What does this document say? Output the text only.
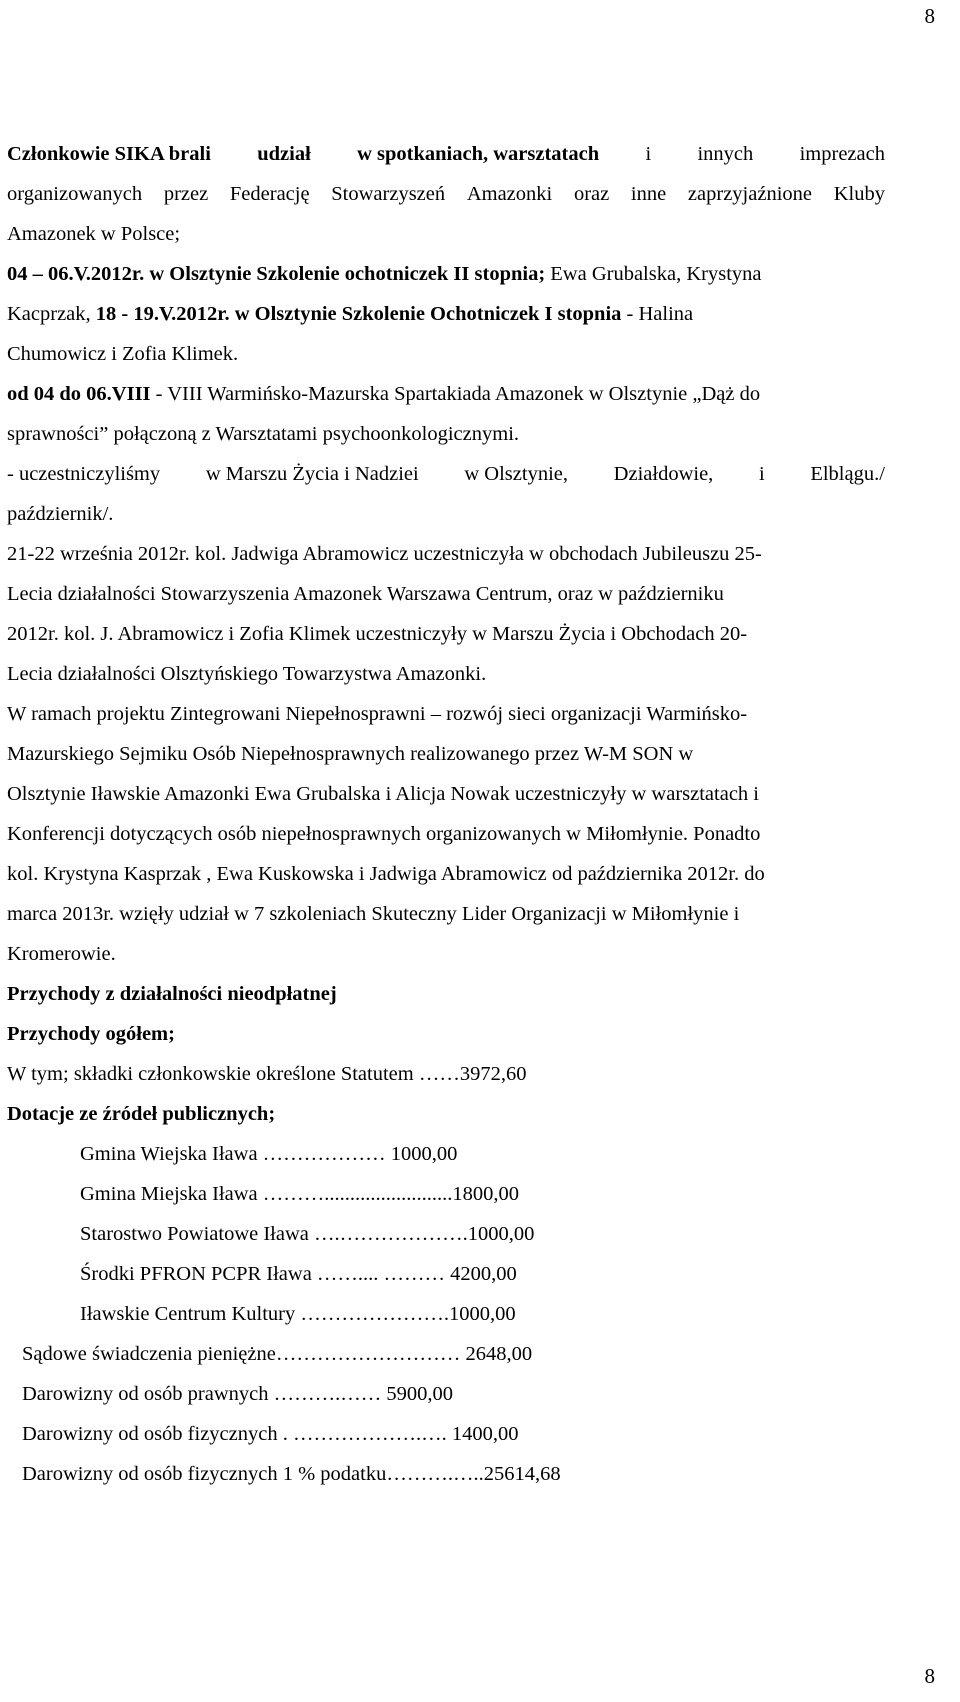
8
Członkowie SIKA brali udział w spotkaniach, warsztatach i innych imprezach
organizowanych przez Federację Stowarzyszeń Amazonki oraz inne zaprzyjaźnione Kluby
Amazonek w Polsce;
04 – 06.V.2012r. w Olsztynie Szkolenie ochotniczek II stopnia; Ewa Grubalska, Krystyna
Kacprzak, 18 - 19.V.2012r. w Olsztynie Szkolenie Ochotniczek I stopnia - Halina
Chumowicz i Zofia Klimek.
od 04 do 06.VIII - VIII Warmińsko-Mazurska Spartakiada Amazonek w Olsztynie „Dąż do
sprawności” połączoną z Warsztatami psychoonkologicznymi.
- uczestniczyliśmy w Marszu Życia i Nadziei w Olsztynie, Działdowie, i Elblągu./
październik/.
21-22 września 2012r. kol. Jadwiga Abramowicz uczestniczyła w obchodach Jubileuszu 25-
Lecia działalności Stowarzyszenia Amazonek Warszawa Centrum, oraz w październiku
2012r. kol. J. Abramowicz i Zofia Klimek uczestniczyły w Marszu Życia i Obchodach 20-
Lecia działalności Olsztyńskiego Towarzystwa Amazonki.
W ramach projektu Zintegrowani Niepełnosprawni – rozwój sieci organizacji Warmińsko-
Mazurskiego Sejmiku Osób Niepełnosprawnych realizowanego przez W-M SON w
Olsztynie Iławskie Amazonki Ewa Grubalska i Alicja Nowak uczestniczyły w warsztatach i
Konferencji dotyczących osób niepełnosprawnych organizowanych w Miłomłynie. Ponadto
kol. Krystyna Kasprzak , Ewa Kuskowska i Jadwiga Abramowicz od października 2012r. do
marca 2013r. wzięły udział w 7 szkoleniach Skuteczny Lider Organizacji w Miłomłynie i
Kromerowie.
Przychody z działalności nieodpłatnej
Przychody ogółem;
W tym; składki członkowskie określone Statutem ……3972,60
Dotacje ze źródeł publicznych;
Gmina Wiejska Iława ……………… 1000,00
Gmina Miejska Iława ……….........................1800,00
Starostwo Powiatowe Iława ….……………….1000,00
Środki PFRON PCPR Iława …….... ……… 4200,00
Iławskie Centrum Kultury ………………….1000,00
Sądowe świadczenia pieniężne……………………… 2648,00
Darowizny od osób prawnych ……….…… 5900,00
Darowizny od osób fizycznych . ……………….…. 1400,00
Darowizny od osób fizycznych 1 % podatku……….…..25614,68
8
